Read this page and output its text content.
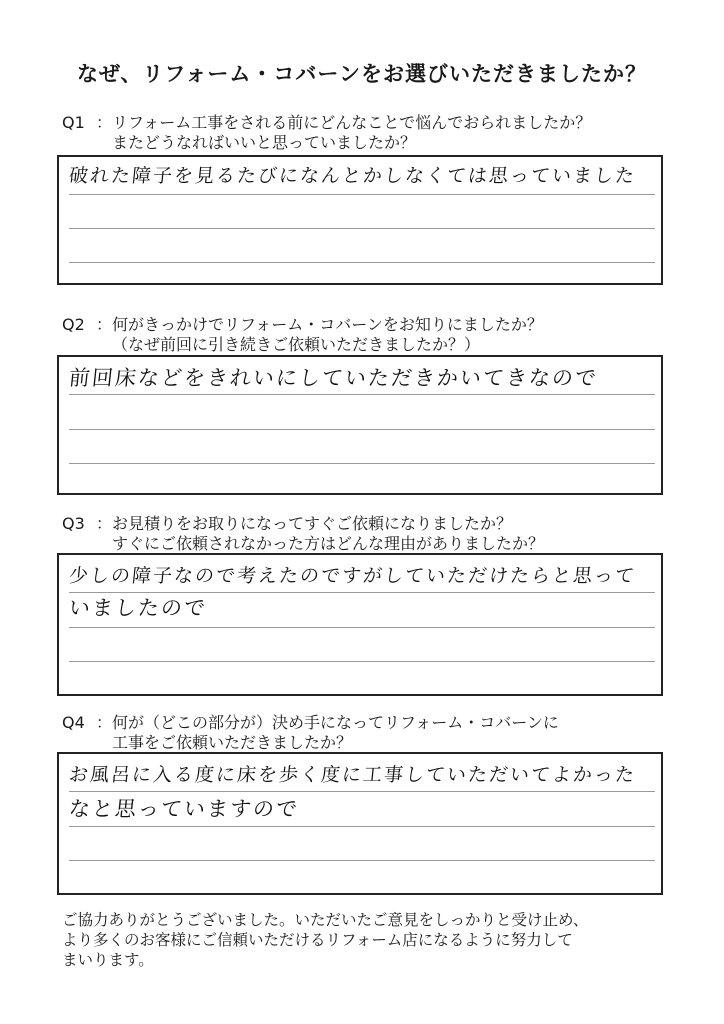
なぜ、リフォーム・コバーンをお選びいただきましたか？
Q1 ：リフォーム工事をされる前にどんなことで悩んでおられましたか？
またどうなればいいと思っていましたか？
破れた障子を見るたびになんとかしなくては思っていました
Q2 ：何がきっかけでリフォーム・コバーンをお知りにましたか？
（なぜ前回に引き続きご依頼いただきましたか？）
前回床などをきれいにしていただきかいてきなので
Q3 ：お見積りをお取りになってすぐご依頼になりましたか？
すぐにご依頼されなかった方はどんな理由がありましたか？
少しの障子なので考えたのですがしていただけたらと思って
いましたので
Q4 ：何が（どこの部分が）決め手になってリフォーム・コバーンに
工事をご依頼いただきましたか？
お風呂に入る度に床を歩く度に工事していただいてよかった
なと思っていますので
ご協力ありがとうございました。いただいたご意見をしっかりと受け止め、
より多くのお客様にご信頼いただけるリフォーム店になるように努力して
まいります。
